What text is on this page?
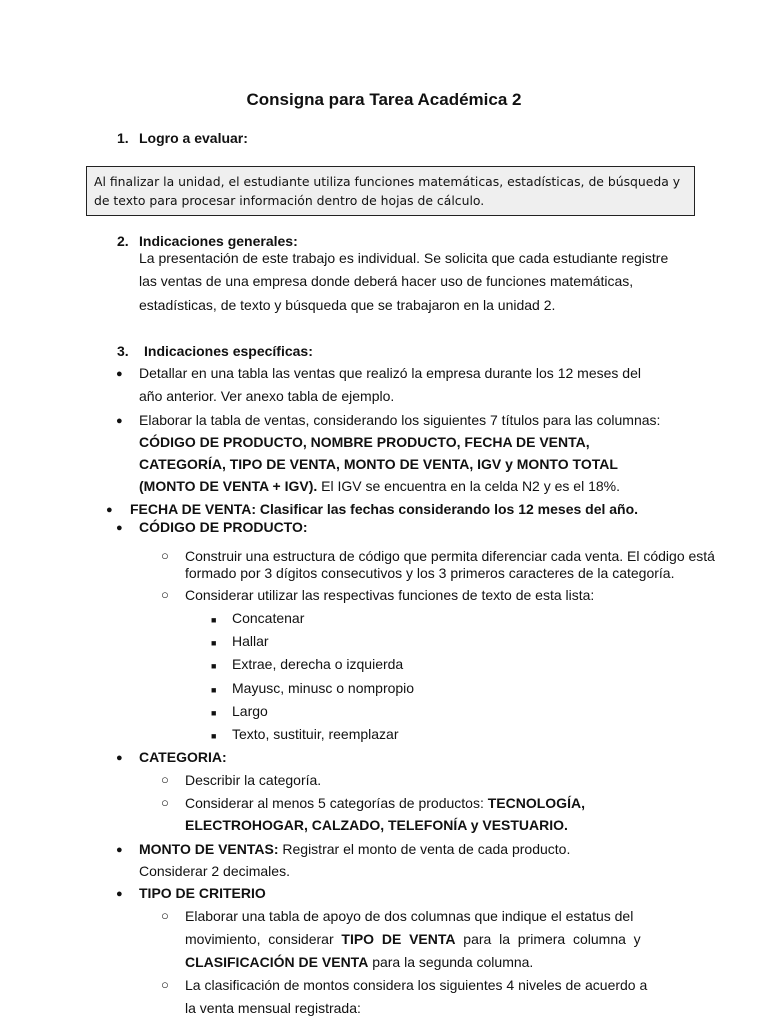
Consigna para Tarea Académica 2
1. Logro a evaluar:
Al finalizar la unidad, el estudiante utiliza funciones matemáticas, estadísticas, de búsqueda y de texto para procesar información dentro de hojas de cálculo.
2. Indicaciones generales:
La presentación de este trabajo es individual. Se solicita que cada estudiante registre
las ventas de una empresa donde deberá hacer uso de funciones matemáticas,
estadísticas, de texto y búsqueda que se trabajaron en la unidad 2.
3. Indicaciones específicas:
● Detallar en una tabla las ventas que realizó la empresa durante los 12 meses del
año anterior. Ver anexo tabla de ejemplo.
● Elaborar la tabla de ventas, considerando los siguientes 7 títulos para las columnas:
CÓDIGO DE PRODUCTO, NOMBRE PRODUCTO, FECHA DE VENTA,
CATEGORÍA, TIPO DE VENTA, MONTO DE VENTA, IGV y MONTO TOTAL
(MONTO DE VENTA + IGV). El IGV se encuentra en la celda N2 y es el 18%.
● FECHA DE VENTA: Clasificar las fechas considerando los 12 meses del año.
● CÓDIGO DE PRODUCTO:
○ Construir una estructura de código que permita diferenciar cada venta. El código está
formado por 3 dígitos consecutivos y los 3 primeros caracteres de la categoría.
○ Considerar utilizar las respectivas funciones de texto de esta lista:
■ Concatenar
■ Hallar
■ Extrae, derecha o izquierda
■ Mayusc, minusc o nompropio
■ Largo
■ Texto, sustituir, reemplazar
● CATEGORIA:
○ Describir la categoría.
○ Considerar al menos 5 categorías de productos: TECNOLOGÍA,
ELECTROHOGAR, CALZADO, TELEFONÍA y VESTUARIO.
● MONTO DE VENTAS: Registrar el monto de venta de cada producto.
Considerar 2 decimales.
● TIPO DE CRITERIO
○ Elaborar una tabla de apoyo de dos columnas que indique el estatus del
movimiento,  considerar  TIPO  DE  VENTA  para  la  primera  columna  y
CLASIFICACIÓN DE VENTA para la segunda columna.
○ La clasificación de montos considera los siguientes 4 niveles de acuerdo a
la venta mensual registrada:
